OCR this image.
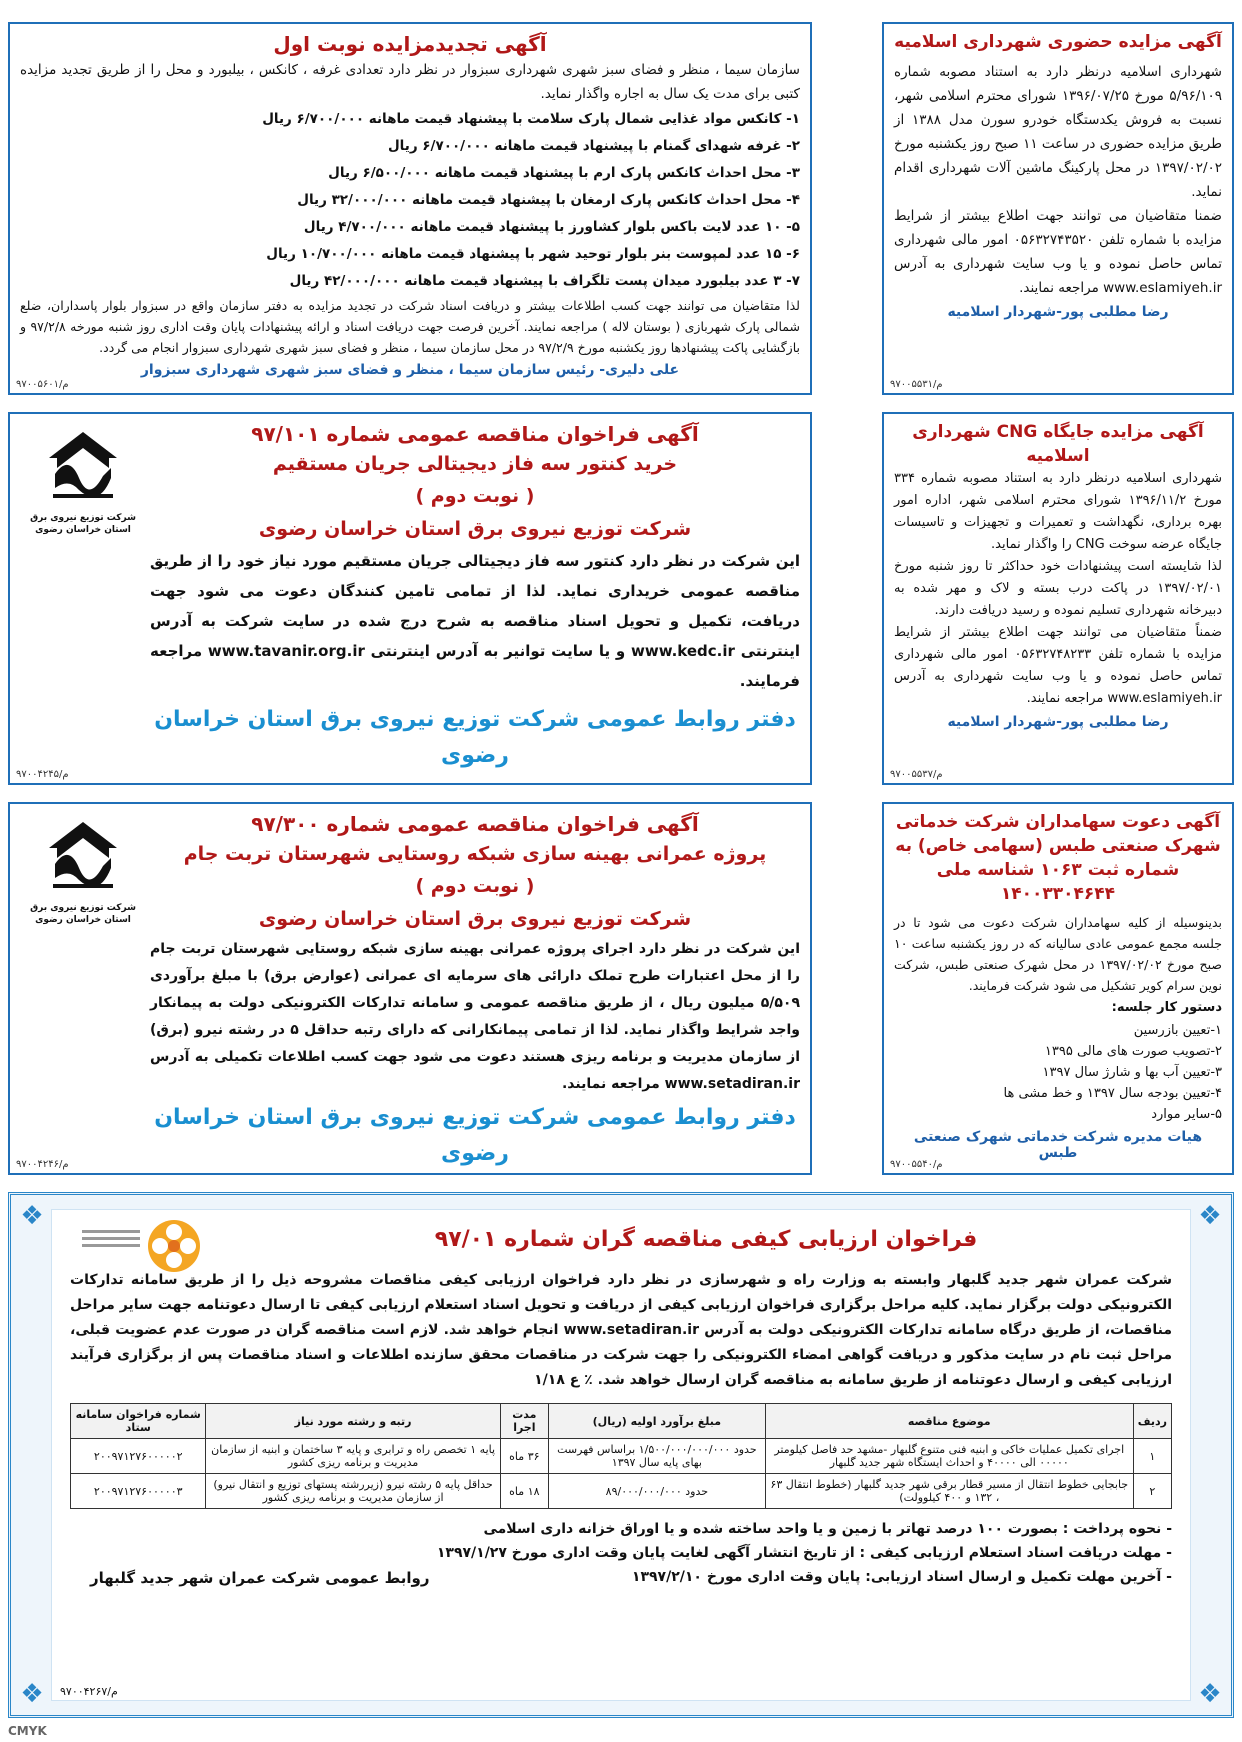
آگهی مزایده حضوری شهرداری اسلامیه
شهرداری اسلامیه درنظر دارد به استناد مصوبه شماره ۵/۹۶/۱۰۹ مورخ ۱۳۹۶/۰۷/۲۵ شورای محترم اسلامی شهر، نسبت به فروش یکدستگاه خودرو سورن مدل ۱۳۸۸ از طریق مزایده حضوری در ساعت ۱۱ صبح روز یکشنبه مورخ ۱۳۹۷/۰۲/۰۲ در محل پارکینگ ماشین آلات شهرداری اقدام نماید.
ضمنا متقاضیان می توانند جهت اطلاع بیشتر از شرایط مزایده با شماره تلفن ۰۵۶۳۲۷۴۳۵۲۰ امور مالی شهرداری تماس حاصل نموده و یا وب سایت شهرداری به آدرس www.eslamiyeh.ir مراجعه نمایند.
رضا مطلبی پور-شهردار اسلامیه
م/۹۷۰۰۵۵۳۱
آگهی تجدیدمزایده نوبت اول
سازمان سیما ، منظر و فضای سبز شهری شهرداری سبزوار در نظر دارد تعدادی غرفه ، کانکس ، بیلبورد و محل را از طریق تجدید مزایده کتبی برای مدت یک سال به اجاره واگذار نماید.
۱- کانکس مواد غذایی شمال پارک سلامت با پیشنهاد قیمت ماهانه ۶/۷۰۰/۰۰۰ ریال
۲- غرفه شهدای گمنام با پیشنهاد قیمت ماهانه ۶/۷۰۰/۰۰۰ ریال
۳- محل احداث کانکس پارک ارم با پیشنهاد قیمت ماهانه ۶/۵۰۰/۰۰۰ ریال
۴- محل احداث کانکس پارک ارمغان با پیشنهاد قیمت ماهانه ۳۲/۰۰۰/۰۰۰ ریال
۵- ۱۰ عدد لایت باکس بلوار کشاورز با پیشنهاد قیمت ماهانه ۴/۷۰۰/۰۰۰ ریال
۶- ۱۵ عدد لمپوست بنر بلوار توحید شهر با پیشنهاد قیمت ماهانه ۱۰/۷۰۰/۰۰۰ ریال
۷- ۳ عدد بیلبورد میدان پست تلگراف با پیشنهاد قیمت ماهانه ۴۲/۰۰۰/۰۰۰ ریال
لذا متقاضیان می توانند جهت کسب اطلاعات بیشتر و دریافت اسناد شرکت در تجدید مزایده به دفتر سازمان واقع در سبزوار بلوار پاسداران، ضلع شمالی پارک شهربازی ( بوستان لاله ) مراجعه نمایند. آخرین فرصت جهت دریافت اسناد و ارائه پیشنهادات پایان وقت اداری روز شنبه مورخه ۹۷/۲/۸ و بازگشایی پاکت پیشنهادها روز یکشنبه مورخ ۹۷/۲/۹ در محل سازمان سیما ، منظر و فضای سبز شهری شهرداری سبزوار انجام می گردد.
علی دلیری- رئیس سازمان سیما ، منظر و فضای سبز شهری شهرداری سبزوار
م/۹۷۰۰۵۶۰۱
آگهی مزایده جایگاه CNG شهرداری اسلامیه
شهرداری اسلامیه درنظر دارد به استناد مصوبه شماره ۳۳۴ مورخ ۱۳۹۶/۱۱/۲ شورای محترم اسلامی شهر، اداره امور بهره برداری، نگهداشت و تعمیرات و تجهیزات و تاسیسات جایگاه عرضه سوخت CNG را واگذار نماید.
لذا شایسته است پیشنهادات خود حداکثر تا روز شنبه مورخ ۱۳۹۷/۰۲/۰۱ در پاکت درب بسته و لاک و مهر شده به دبیرخانه شهرداری تسلیم نموده و رسید دریافت دارند.
ضمناً متقاضیان می توانند جهت اطلاع بیشتر از شرایط مزایده با شماره تلفن ۰۵۶۳۲۷۴۸۲۳۳ امور مالی شهرداری تماس حاصل نموده و یا وب سایت شهرداری به آدرس www.eslamiyeh.ir مراجعه نمایند.
رضا مطلبی پور-شهردار اسلامیه
م/۹۷۰۰۵۵۳۷
شرکت توزیع نیروی برق
استان خراسان رضوی
آگهی فراخوان مناقصه عمومی شماره ۹۷/۱۰۱
خرید کنتور سه فاز دیجیتالی جریان مستقیم
( نوبت دوم )
شرکت توزیع نیروی برق استان خراسان رضوی
این شرکت در نظر دارد کنتور سه فاز دیجیتالی جریان مستقیم مورد نیاز خود را از طریق مناقصه عمومی خریداری نماید. لذا از تمامی تامین کنندگان دعوت می شود جهت دریافت، تکمیل و تحویل اسناد مناقصه به شرح درج شده در سایت شرکت به آدرس اینترنتی www.kedc.ir و یا سایت توانیر به آدرس اینترنتی www.tavanir.org.ir مراجعه فرمایند.
دفتر روابط عمومی شرکت توزیع نیروی برق استان خراسان رضوی
م/۹۷۰۰۴۲۴۵
آگهی دعوت سهامداران شرکت خدماتی شهرک صنعتی طبس (سهامی خاص) به شماره ثبت ۱۰۶۳ شناسه ملی ۱۴۰۰۳۳۰۴۶۴۴
بدینوسیله از کلیه سهامداران شرکت دعوت می شود تا در جلسه مجمع عمومی عادی سالیانه که در روز یکشنبه ساعت ۱۰ صبح مورخ ۱۳۹۷/۰۲/۰۲ در محل شهرک صنعتی طبس، شرکت نوین سرام کویر تشکیل می شود شرکت فرمایند.
دستور کار جلسه:
۱-تعیین بازرسین
۲-تصویب صورت های مالی ۱۳۹۵
۳-تعیین آب بها و شارژ سال ۱۳۹۷
۴-تعیین بودجه سال ۱۳۹۷ و خط مشی ها
۵-سایر موارد
هیات مدیره شرکت خدماتی شهرک صنعتی طبس
م/۹۷۰۰۵۵۴۰
شرکت توزیع نیروی برق
استان خراسان رضوی
آگهی فراخوان مناقصه عمومی شماره ۹۷/۳۰۰
پروژه عمرانی بهینه سازی شبکه روستایی شهرستان تربت جام
( نوبت دوم )
شرکت توزیع نیروی برق استان خراسان رضوی
این شرکت در نظر دارد اجرای پروژه عمرانی بهینه سازی شبکه روستایی شهرستان تربت جام را از محل اعتبارات طرح تملک دارائی های سرمایه ای عمرانی (عوارض برق) با مبلغ برآوردی ۵/۵۰۹ میلیون ریال ، از طریق مناقصه عمومی و سامانه تدارکات الکترونیکی دولت به پیمانکار واجد شرایط واگذار نماید. لذا از تمامی پیمانکارانی که دارای رتبه حداقل ۵ در رشته نیرو (برق) از سازمان مدیریت و برنامه ریزی هستند دعوت می شود جهت کسب اطلاعات تکمیلی به آدرس www.setadiran.ir مراجعه نمایند.
دفتر روابط عمومی شرکت توزیع نیروی برق استان خراسان رضوی
م/۹۷۰۰۴۲۴۶
❖
❖
❖
❖
فراخوان ارزیابی کیفی مناقصه گران شماره ۹۷/۰۱
شرکت عمران شهر جدید گلبهار وابسته به وزارت راه و شهرسازی در نظر دارد فراخوان ارزیابی کیفی مناقصات مشروحه ذیل را از طریق سامانه تدارکات الکترونیکی دولت برگزار نماید. کلیه مراحل برگزاری فراخوان ارزیابی کیفی از دریافت و تحویل اسناد استعلام ارزیابی کیفی تا ارسال دعوتنامه جهت سایر مراحل مناقصات، از طریق درگاه سامانه تدارکات الکترونیکی دولت به آدرس www.setadiran.ir انجام خواهد شد. لازم است مناقصه گران در صورت عدم عضویت قبلی، مراحل ثبت نام در سایت مذکور و دریافت گواهی امضاء الکترونیکی را جهت شرکت در مناقصات محقق سازنده اطلاعات و اسناد مناقصات پس از برگزاری فرآیند ارزیابی کیفی و ارسال دعوتنامه از طریق سامانه به مناقصه گران ارسال خواهد شد. ٪ ع ۱/۱۸
ردیف	موضوع مناقصه	مبلغ برآورد اولیه (ریال)	مدت اجرا	رتبه و رشته مورد نیاز	شماره فراخوان سامانه ستاد
۱	اجرای تکمیل عملیات خاکی و ابنیه فنی متنوع گلبهار -مشهد حد فاصل کیلومتر ۰۰۰۰۰ الی ۴۰۰۰۰ و احداث ایستگاه شهر جدید گلبهار	حدود ۱/۵۰۰/۰۰۰/۰۰۰/۰۰۰ براساس فهرست بهای پایه سال ۱۳۹۷	۳۶ ماه	پایه ۱ تخصص راه و ترابری و پایه ۳ ساختمان و ابنیه از سازمان مدیریت و برنامه ریزی کشور	۲۰۰۹۷۱۲۷۶۰۰۰۰۰۲
۲	جابجایی خطوط انتقال از مسیر قطار برقی شهر جدید گلبهار (خطوط انتقال ۶۳ ، ۱۳۲ و ۴۰۰ کیلوولت)	حدود ۸۹/۰۰۰/۰۰۰/۰۰۰	۱۸ ماه	حداقل پایه ۵ رشته نیرو (زیررشته پستهای توزیع و انتقال نیرو) از سازمان مدیریت و برنامه ریزی کشور	۲۰۰۹۷۱۲۷۶۰۰۰۰۰۳
- نحوه پرداخت : بصورت ۱۰۰ درصد تهاتر با زمین و یا واحد ساخته شده و یا اوراق خزانه داری اسلامی
- مهلت دریافت اسناد استعلام ارزیابی کیفی : از تاریخ انتشار آگهی لغایت پایان وقت اداری مورخ ۱۳۹۷/۱/۲۷
- آخرین مهلت تکمیل و ارسال اسناد ارزیابی: پایان وقت اداری مورخ ۱۳۹۷/۲/۱۰
روابط عمومی شرکت عمران شهر جدید گلبهار
م/۹۷۰۰۴۲۶۷
CMYK
